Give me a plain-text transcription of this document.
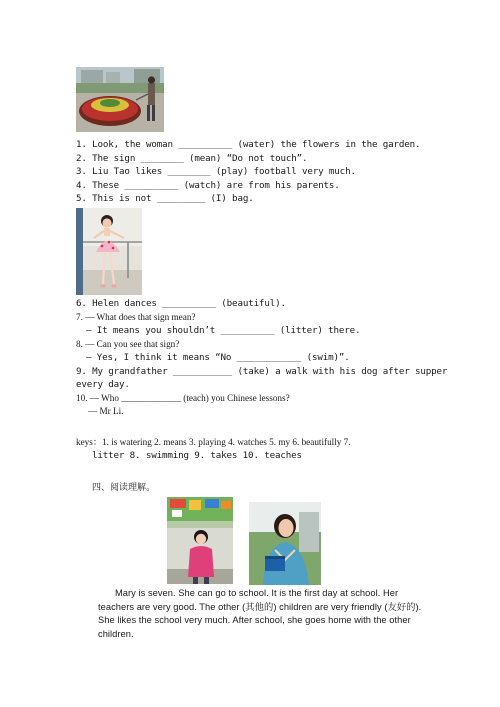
1. Look, the woman __________ (water) the flowers in the garden.
2. The sign ________ (mean) “Do not touch”.
3. Liu Tao likes ________ (play) football very much.
4. These __________ (watch) are from his parents.
5. This is not _________ (I) bag.
6. Helen dances __________ (beautiful).
7. — What does that sign mean?
— It means you shouldn’t __________ (litter) there.
8. — Can you see that sign?
— Yes, I think it means “No ____________ (swim)”.
9. My grandfather ___________ (take) a walk with his dog after supper
every day.
10. — Who _____________ (teach) you Chinese lessons?
— Mr Li.
keys：1. is watering 2. means 3. playing 4. watches 5. my 6. beautifully 7.
litter 8. swimming 9. takes 10. teaches
四、阅读理解。
Mary is seven. She can go to school. It is the first day at school. Her teachers are very good. The other (其他的) children are very friendly (友好的). She likes the school very much. After school, she goes home with the other children.
